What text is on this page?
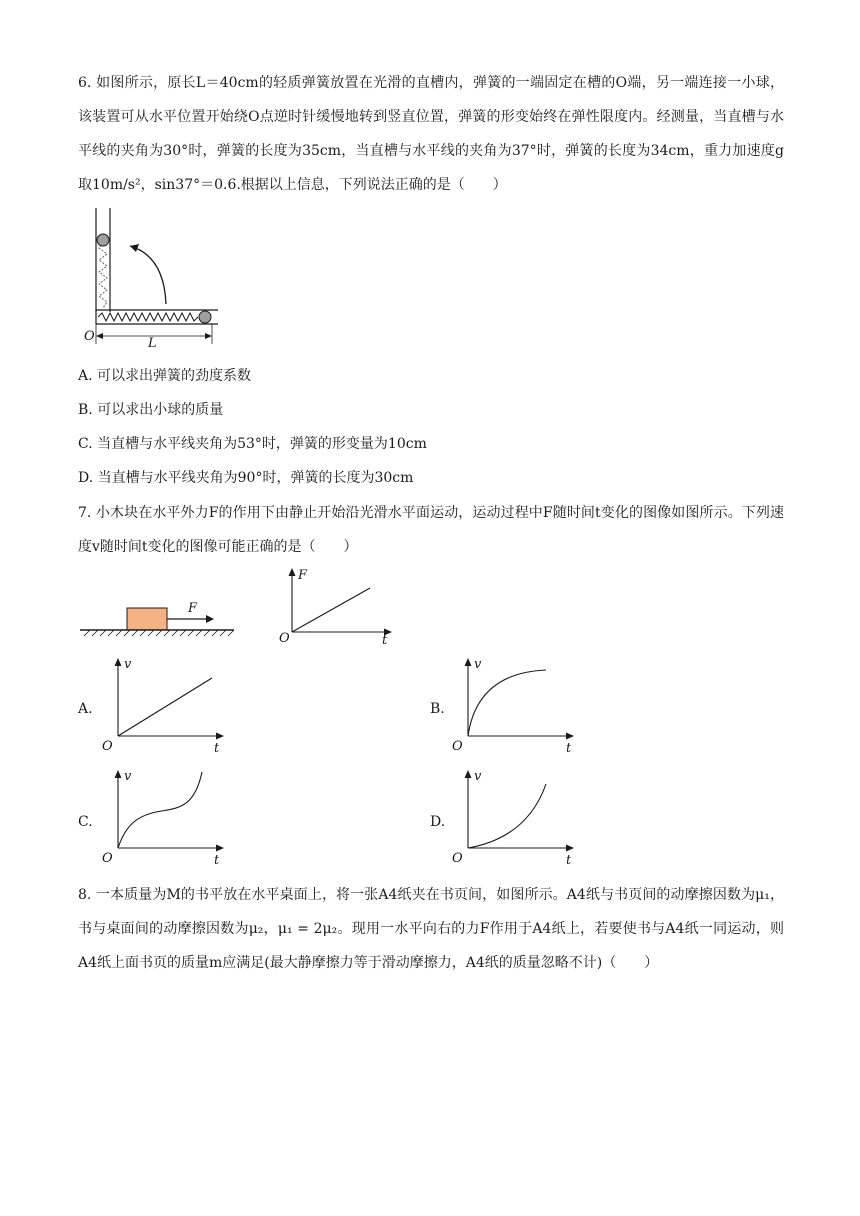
6. 如图所示，原长L＝40cm的轻质弹簧放置在光滑的直槽内，弹簧的一端固定在槽的O端，另一端连接一小球，该装置可从水平位置开始绕O点逆时针缓慢地转到竖直位置，弹簧的形变始终在弹性限度内。经测量，当直槽与水平线的夹角为30°时，弹簧的长度为35cm，当直槽与水平线的夹角为37°时，弹簧的长度为34cm，重力加速度g取10m/s²，sin37°＝0.6.根据以上信息，下列说法正确的是（　　）
O	L
A. 可以求出弹簧的劲度系数
B. 可以求出小球的质量
C. 当直槽与水平线夹角为53°时，弹簧的形变量为10cm
D. 当直槽与水平线夹角为90°时，弹簧的长度为30cm
7. 小木块在水平外力F的作用下由静止开始沿光滑水平面运动，运动过程中F随时间t变化的图像如图所示。下列速度v随时间t变化的图像可能正确的是（　　）
F
F
t
O
A.
v
t
O
B.
v
t
O
C.
v
t
O
D.
v
t
O
8. 一本质量为M的书平放在水平桌面上，将一张A4纸夹在书页间，如图所示。A4纸与书页间的动摩擦因数为μ₁，书与桌面间的动摩擦因数为μ₂，μ₁ = 2μ₂。现用一水平向右的力F作用于A4纸上，若要使书与A4纸一同运动，则A4纸上面书页的质量m应满足(最大静摩擦力等于滑动摩擦力，A4纸的质量忽略不计)（　　）
